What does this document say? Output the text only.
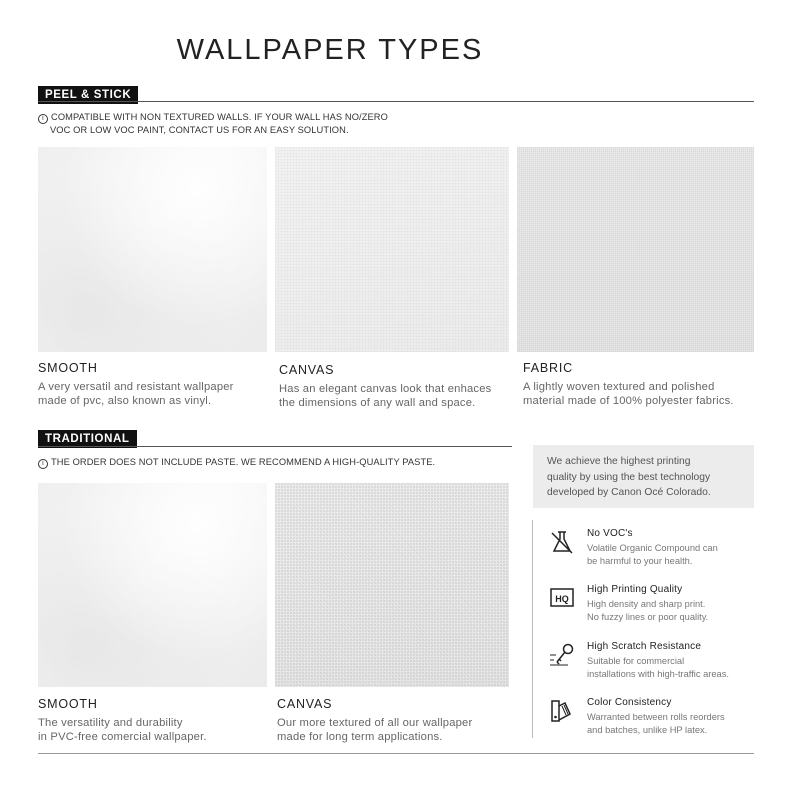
WALLPAPER TYPES
PEEL & STICK
i COMPATIBLE WITH NON TEXTURED WALLS. IF YOUR WALL HAS NO/ZERO
VOC OR LOW VOC PAINT, CONTACT US FOR AN EASY SOLUTION.
SMOOTH
A very versatil and resistant wallpaper
made of pvc, also known as vinyl.
CANVAS
Has an elegant canvas look that enhaces
the dimensions of any wall and space.
FABRIC
A lightly woven textured and polished
material made of 100% polyester fabrics.
TRADITIONAL
i THE ORDER DOES NOT INCLUDE PASTE. WE RECOMMEND A HIGH-QUALITY PASTE.
SMOOTH
The versatility and durability
in PVC-free comercial wallpaper.
CANVAS
Our more textured of all our wallpaper
made for long term applications.
We achieve the highest printing
quality by using the best technology
developed by Canon Océ Colorado.
No VOC's
Volatile Organic Compound can
be harmful to your health.
HQ
High Printing Quality
High density and sharp print.
No fuzzy lines or poor quality.
High Scratch Resistance
Suitable for commercial
installations with high-traffic areas.
Color Consistency
Warranted between rolls reorders
and batches, unlike HP latex.
